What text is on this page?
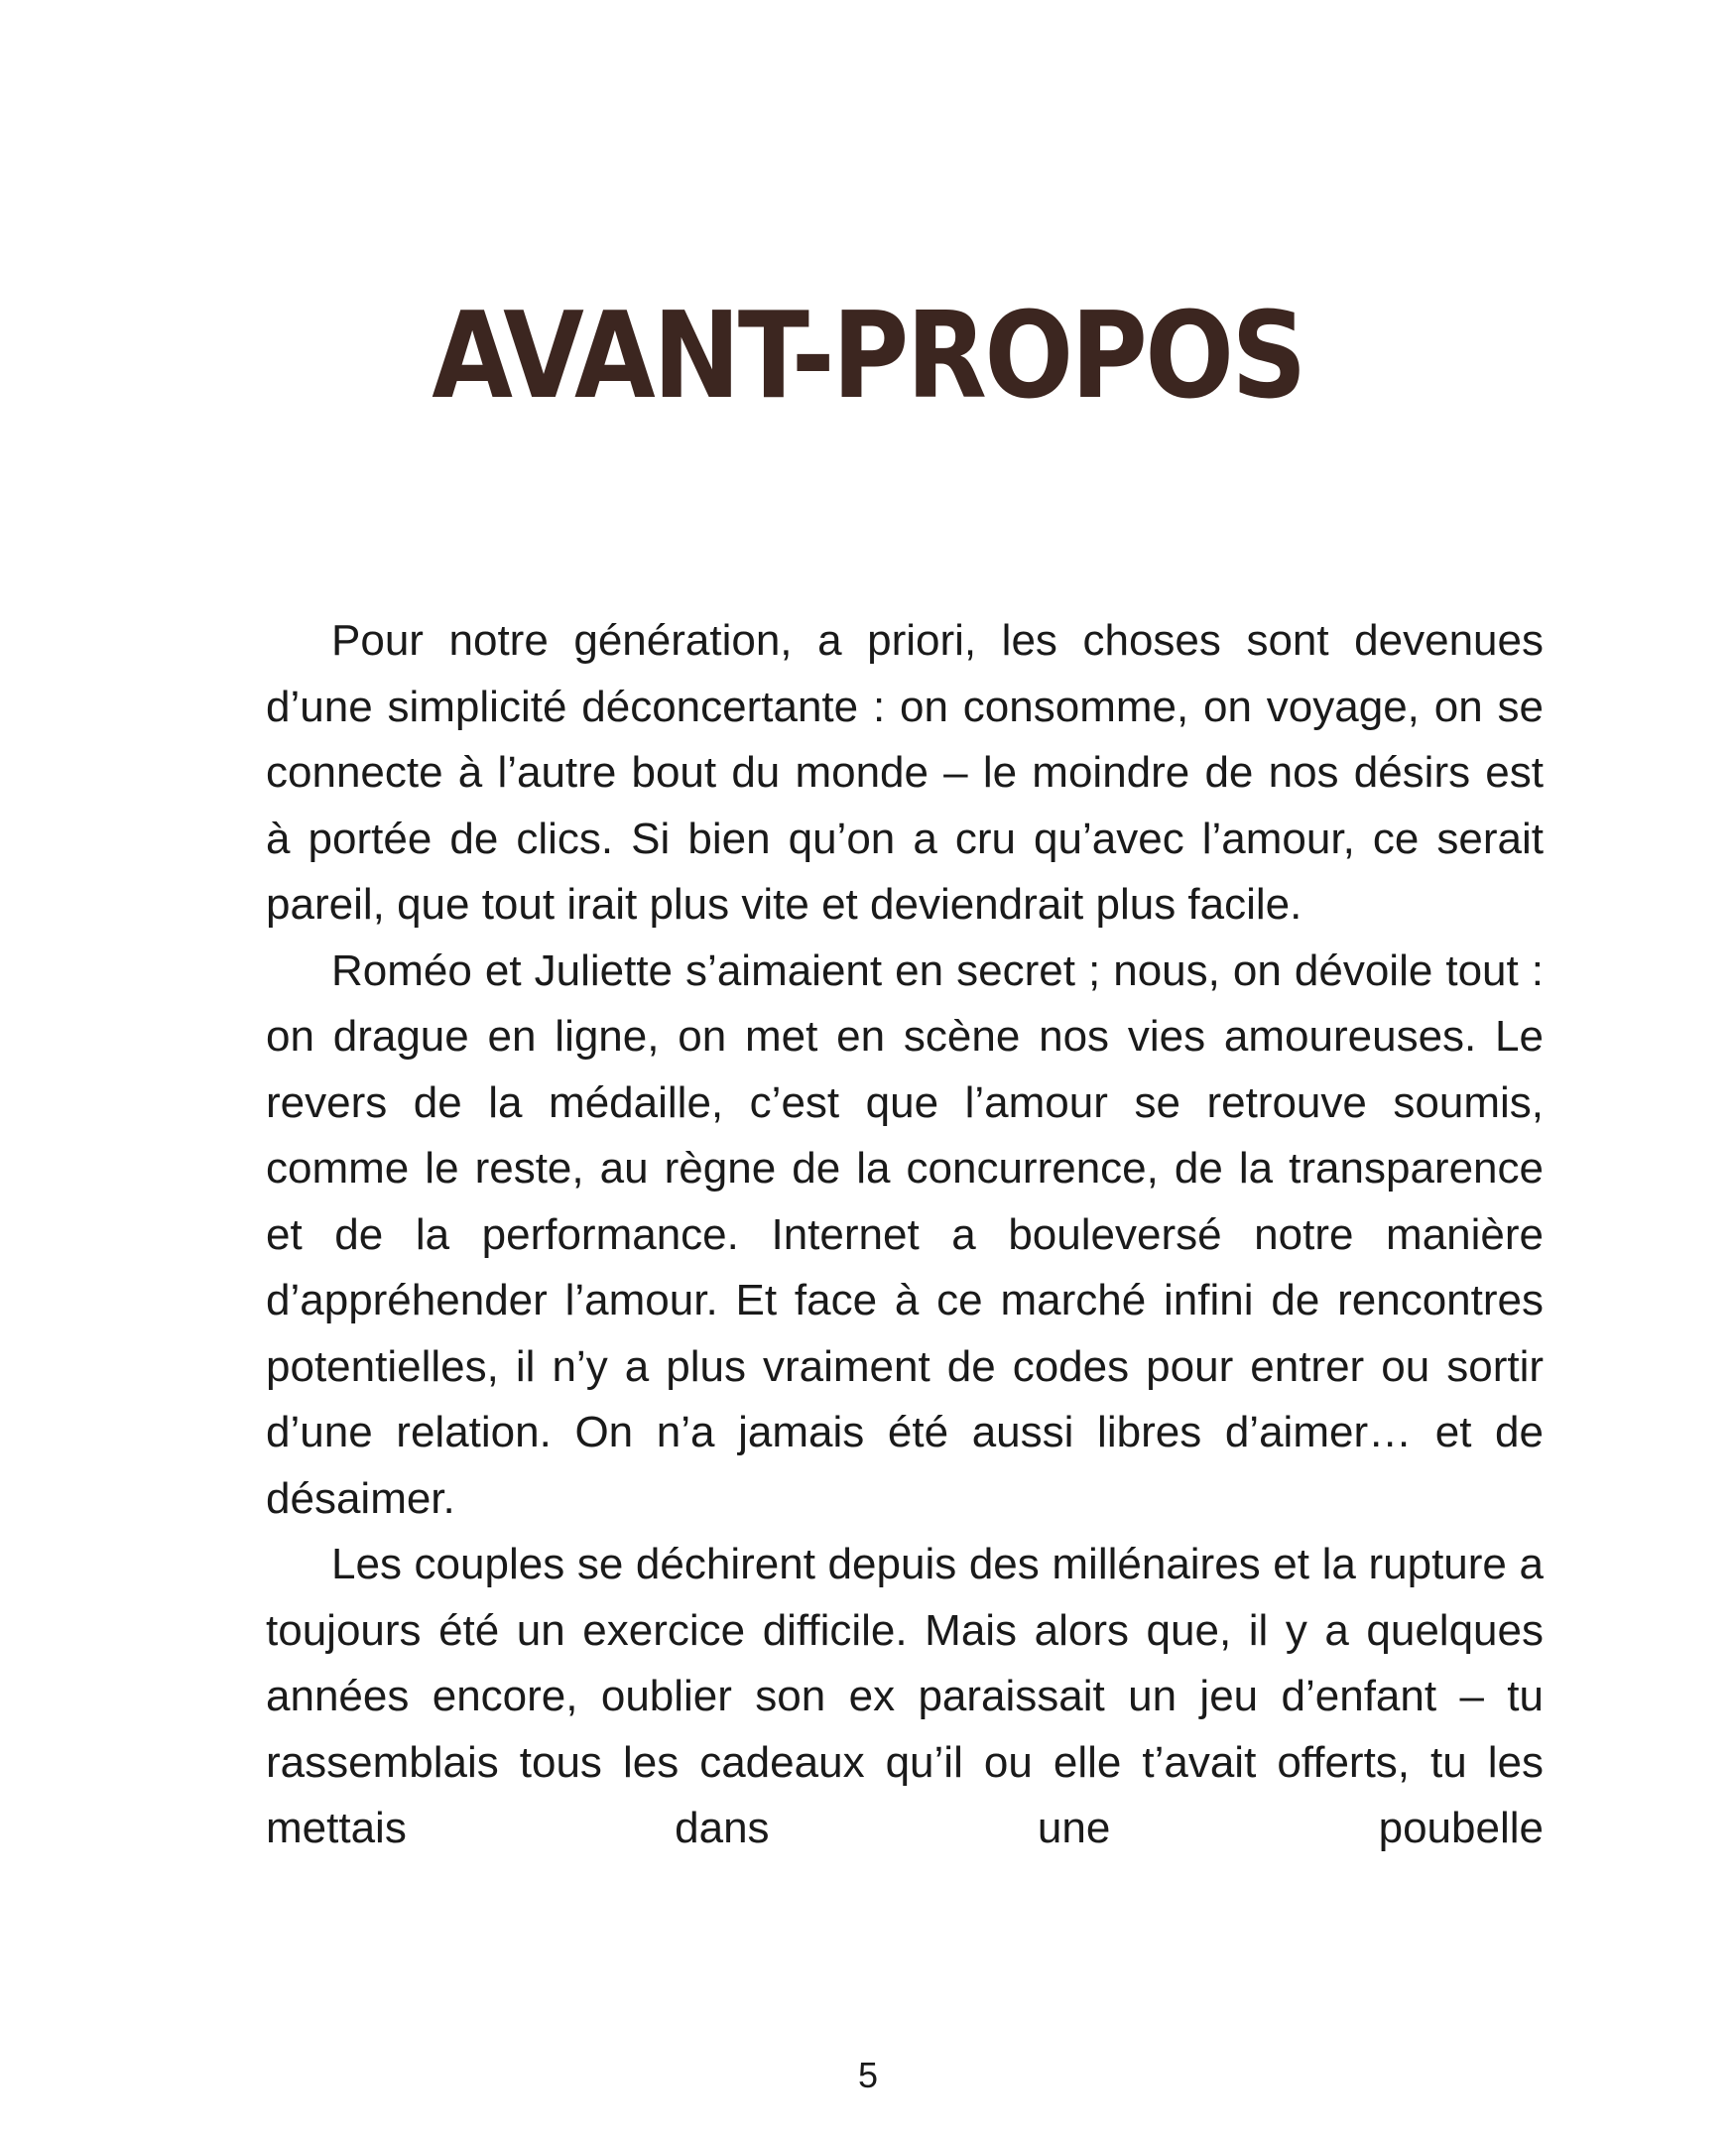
AVANT-PROPOS

Pour notre génération, a priori, les choses sont devenues d’une simplicité déconcertante : on consomme, on voyage, on se connecte à l’autre bout du monde – le moindre de nos désirs est à portée de clics. Si bien qu’on a cru qu’avec l’amour, ce serait pareil, que tout irait plus vite et deviendrait plus facile.

Roméo et Juliette s’aimaient en secret ; nous, on dévoile tout : on drague en ligne, on met en scène nos vies amoureuses. Le revers de la médaille, c’est que l’amour se retrouve soumis, comme le reste, au règne de la concurrence, de la transparence et de la performance. Internet a bouleversé notre manière d’appréhender l’amour. Et face à ce marché infini de rencontres potentielles, il n’y a plus vraiment de codes pour entrer ou sortir d’une relation. On n’a jamais été aussi libres d’aimer… et de désaimer.

Les couples se déchirent depuis des millénaires et la rupture a toujours été un exercice difficile. Mais alors que, il y a quelques années encore, oublier son ex paraissait un jeu d’enfant – tu rassemblais tous les cadeaux qu’il ou elle t’avait offerts, tu les mettais dans une poubelle

5
